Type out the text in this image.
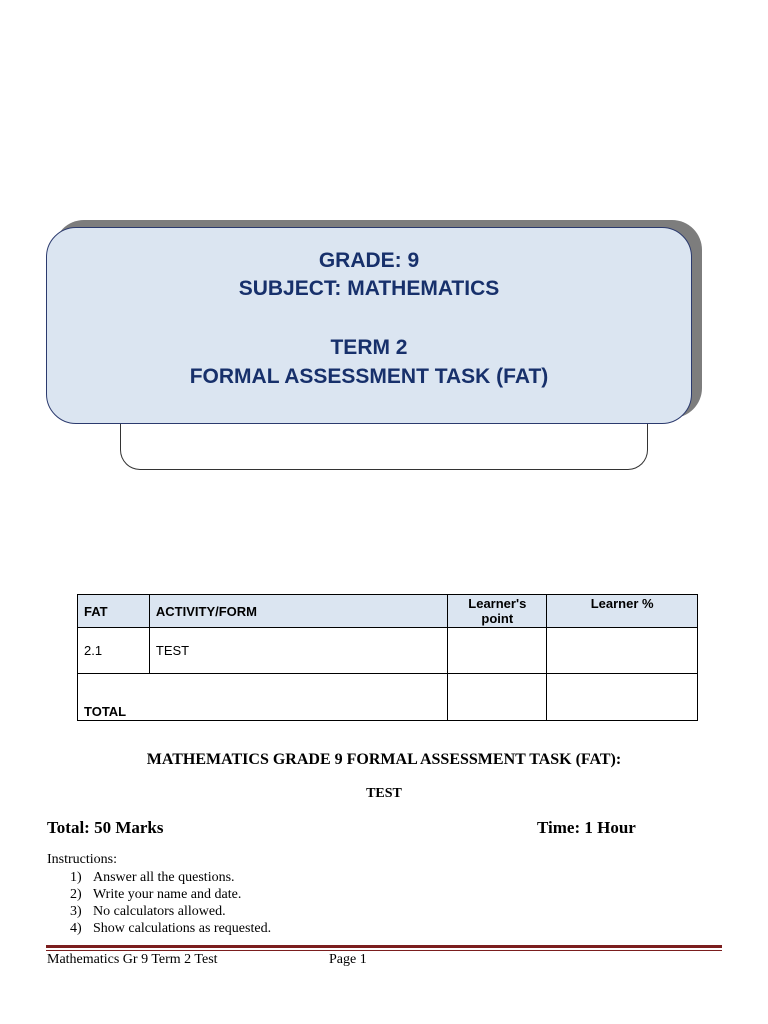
GRADE: 9
SUBJECT: MATHEMATICS
TERM 2
FORMAL ASSESSMENT TASK (FAT)
FAT	ACTIVITY/FORM	Learner's point	Learner %
2.1	TEST		
TOTAL			
MATHEMATICS GRADE 9 FORMAL ASSESSMENT TASK (FAT):
TEST
Total: 50 Marks	Time: 1 Hour
Instructions:
1) Answer all the questions.
2) Write your name and date.
3) No calculators allowed.
4) Show calculations as requested.
Mathematics Gr 9 Term 2 Test	Page 1
